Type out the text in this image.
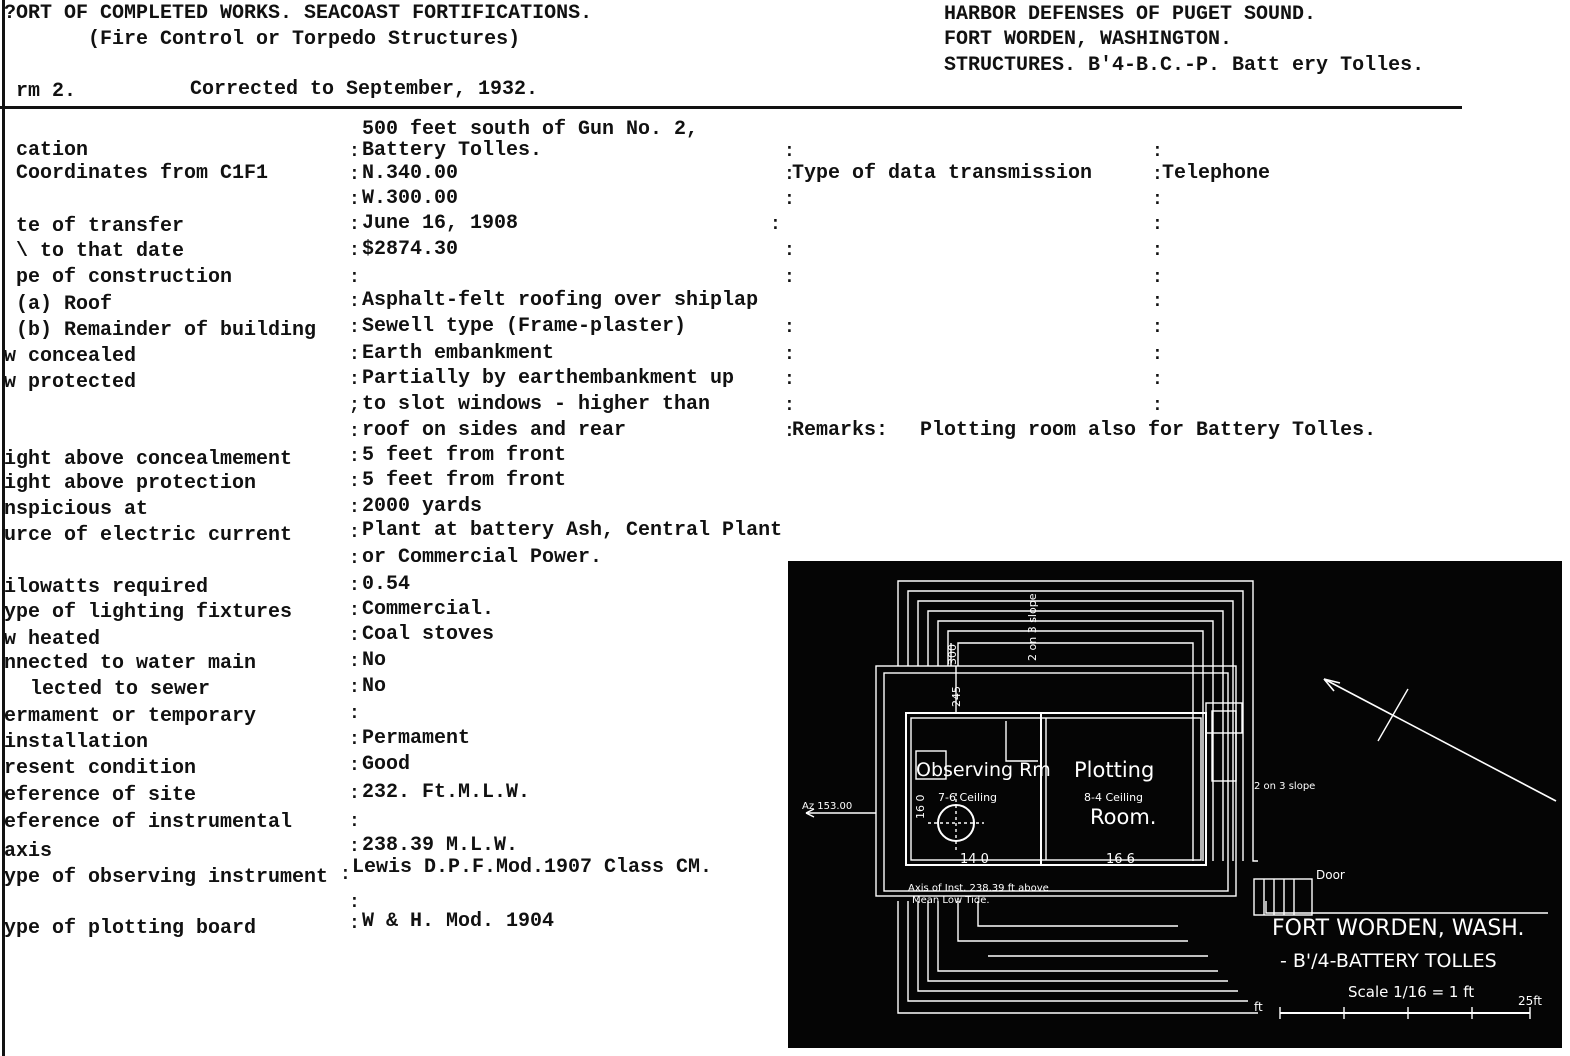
?ORT OF COMPLETED WORKS. SEACOAST FORTIFICATIONS.
(Fire Control or Torpedo Structures)
rm 2.	Corrected to September, 1932.
HARBOR DEFENSES OF PUGET SOUND.
FORT WORDEN, WASHINGTON.
STRUCTURES. B'4-B.C.-P. Batt ery Tolles.
500 feet south of Gun No. 2,
cation	: Battery Tolles.
Coordinates from C1F1	: N.340.00
: W.300.00
te of transfer	: June 16, 1908
\ to that date	: $2874.30
pe of construction	:
(a) Roof	: Asphalt-felt roofing over shiplap
(b) Remainder of building : Sewell type (Frame-plaster)
w concealed	: Earth embankment
w protected	: Partially by earthembankment up
; to slot windows - higher than
: roof on sides and rear
ight above concealmement	: 5 feet from front
ight above protection	: 5 feet from front
nspicious at	: 2000 yards
urce of electric current	: Plant at battery Ash, Central Plant
: or Commercial Power.
ilowatts required	: 0.54
ype of lighting fixtures	: Commercial.
w heated	: Coal stoves
nnected to water main	: No
lected to sewer	: No
ermament or temporary	:
installation	: Permament
resent condition	: Good
eference of site	: 232. Ft.M.L.W.
eference of instrumental	:
axis	: 238.39 M.L.W.
ype of observing instrument : Lewis D.P.F.Mod.1907 Class CM.
:
ype of plotting board	: W & H. Mod. 1904
:
:
:
:
:
:
:
:
:
:
:
:
:
:
:
:
:
:
:
:
Type of data transmission	: Telephone
:
Remarks: Plotting room also for Battery Tolles.
Observing Rm
7-6 Ceiling
Plotting
8-4 Ceiling
Room.
14 0	16 6
Az 153.00
Axis of Inst. 238.39 ft above
Mean Low Tide.
2 on 3 slope
Door
2 on 3 slope
245
300
16 0
FORT WORDEN, WASH.
- B'/4-BATTERY TOLLES
Scale 1/16 = 1 ft
ft	25ft
